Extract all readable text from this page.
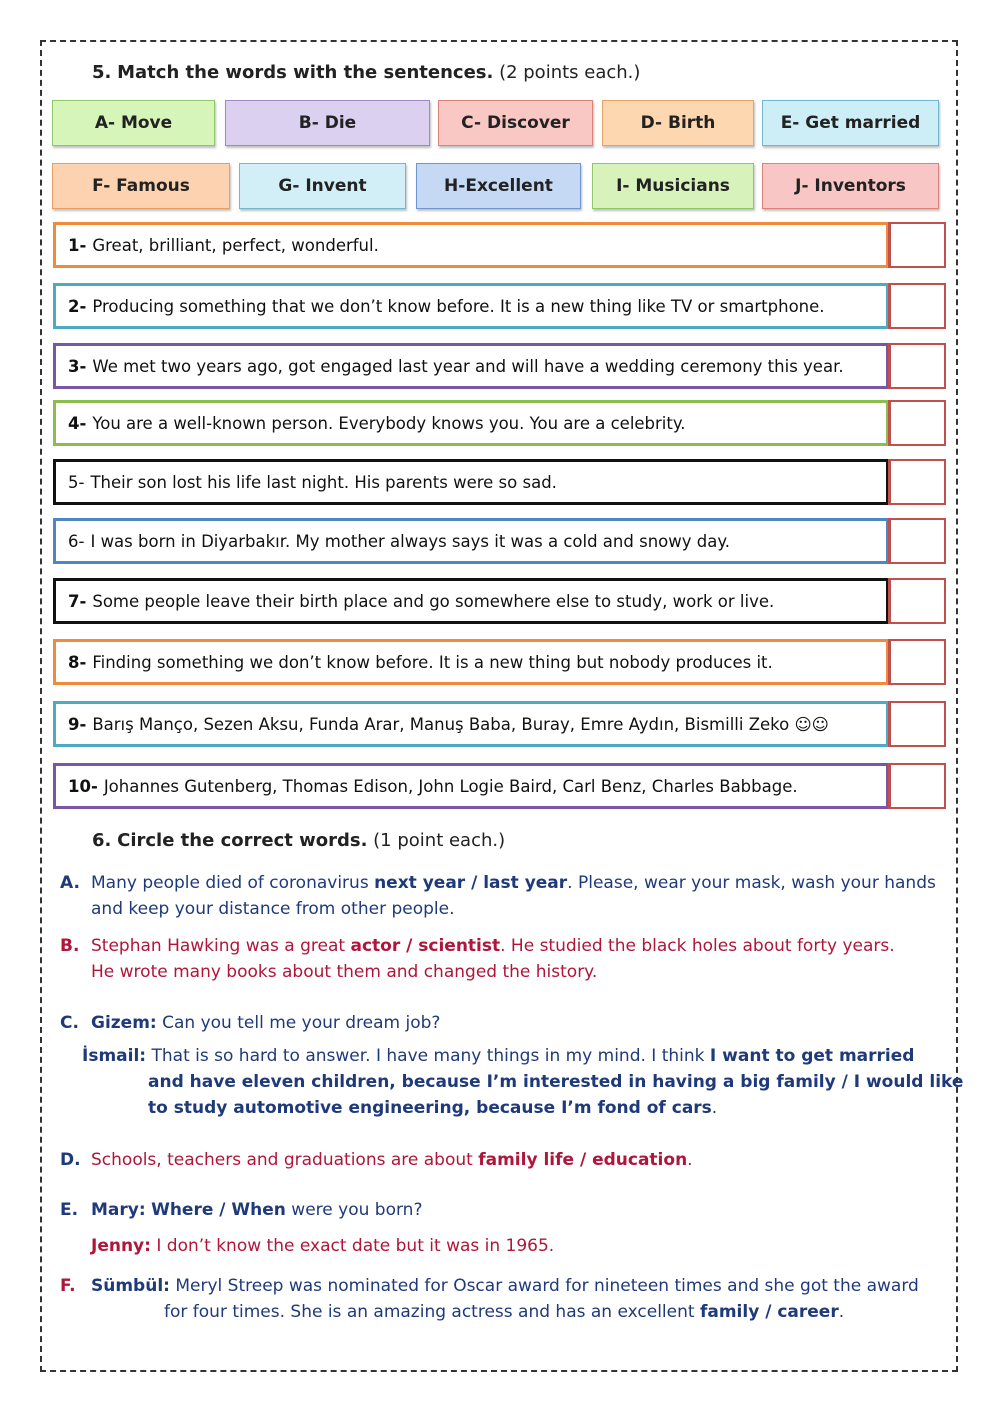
5. Match the words with the sentences. (2 points each.)
A- Move	B- Die	C- Discover	D- Birth	E- Get married
F- Famous	G- Invent	H-Excellent	I- Musicians	J- Inventors
1- Great, brilliant, perfect, wonderful.
2- Producing something that we don’t know before. It is a new thing like TV or smartphone.
3- We met two years ago, got engaged last year and will have a wedding ceremony this year.
4- You are a well-known person. Everybody knows you. You are a celebrity.
5- Their son lost his life last night. His parents were so sad.
6- I was born in Diyarbakır. My mother always says it was a cold and snowy day.
7- Some people leave their birth place and go somewhere else to study, work or live.
8- Finding something we don’t know before. It is a new thing but nobody produces it.
9- Barış Manço, Sezen Aksu, Funda Arar, Manuş Baba, Buray, Emre Aydın, Bismilli Zeko ☺☺
10- Johannes Gutenberg, Thomas Edison, John Logie Baird, Carl Benz, Charles Babbage.
6. Circle the correct words. (1 point each.)
A. Many people died of coronavirus next year / last year. Please, wear your mask, wash your hands
and keep your distance from other people.
B. Stephan Hawking was a great actor / scientist. He studied the black holes about forty years.
He wrote many books about them and changed the history.
C. Gizem: Can you tell me your dream job?
İsmail: That is so hard to answer. I have many things in my mind. I think I want to get married
and have eleven children, because I’m interested in having a big family / I would like
to study automotive engineering, because I’m fond of cars.
D. Schools, teachers and graduations are about family life / education.
E. Mary: Where / When were you born?
Jenny: I don’t know the exact date but it was in 1965.
F. Sümbül: Meryl Streep was nominated for Oscar award for nineteen times and she got the award
for four times. She is an amazing actress and has an excellent family / career.
